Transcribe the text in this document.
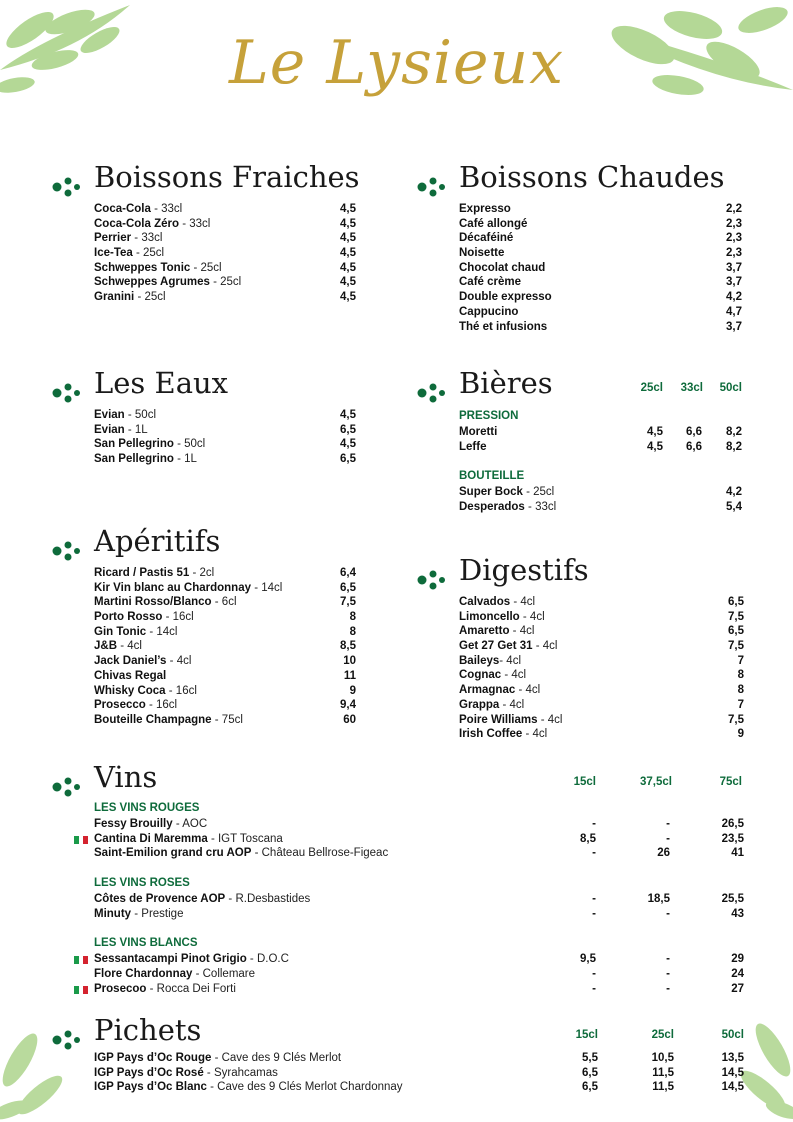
Le Lysieux
Boissons Fraiches
Coca-Cola - 33cl	4,5
Coca-Cola Zéro - 33cl	4,5
Perrier - 33cl	4,5
Ice-Tea - 25cl	4,5
Schweppes Tonic - 25cl	4,5
Schweppes Agrumes - 25cl	4,5
Granini - 25cl	4,5
Boissons Chaudes
Expresso	2,2
Café allongé	2,3
Décaféiné	2,3
Noisette	2,3
Chocolat chaud	3,7
Café crème	3,7
Double expresso	4,2
Cappucino	4,7
Thé et infusions	3,7
Les Eaux
Evian - 50cl	4,5
Evian - 1L	6,5
San Pellegrino - 50cl	4,5
San Pellegrino - 1L	6,5
Bières	25cl	33cl	50cl
PRESSION
Moretti	4,5	6,6	8,2
Leffe	4,5	6,6	8,2
BOUTEILLE
Super Bock - 25cl	4,2
Desperados - 33cl	5,4
Apéritifs
Ricard / Pastis 51 - 2cl	6,4
Kir Vin blanc au Chardonnay - 14cl	6,5
Martini Rosso/Blanco - 6cl	7,5
Porto Rosso - 16cl	8
Gin Tonic - 14cl	8
J&B - 4cl	8,5
Jack Daniel’s - 4cl	10
Chivas Regal	11
Whisky Coca - 16cl	9
Prosecco - 16cl	9,4
Bouteille Champagne - 75cl	60
Digestifs
Calvados - 4cl	6,5
Limoncello - 4cl	7,5
Amaretto - 4cl	6,5
Get 27 Get 31 - 4cl	7,5
Baileys- 4cl	7
Cognac - 4cl	8
Armagnac - 4cl	8
Grappa - 4cl	7
Poire Williams - 4cl	7,5
Irish Coffee - 4cl	9
Vins	15cl	37,5cl	75cl
LES VINS ROUGES
Fessy Brouilly - AOC	-	-	26,5
Cantina Di Maremma - IGT Toscana	8,5	-	23,5
Saint-Emilion grand cru AOP - Château Bellrose-Figeac	-	26	41
LES VINS ROSES
Côtes de Provence AOP - R.Desbastides	-	18,5	25,5
Minuty - Prestige	-	-	43
LES VINS BLANCS
Sessantacampi Pinot Grigio - D.O.C	9,5	-	29
Flore Chardonnay - Collemare	-	-	24
Prosecoo - Rocca Dei Forti	-	-	27
Pichets	15cl	25cl	50cl
IGP Pays d’Oc Rouge - Cave des 9 Clés Merlot	5,5	10,5	13,5
IGP Pays d’Oc Rosé - Syrahcamas	6,5	11,5	14,5
IGP Pays d’Oc Blanc - Cave des 9 Clés Merlot Chardonnay	6,5	11,5	14,5
